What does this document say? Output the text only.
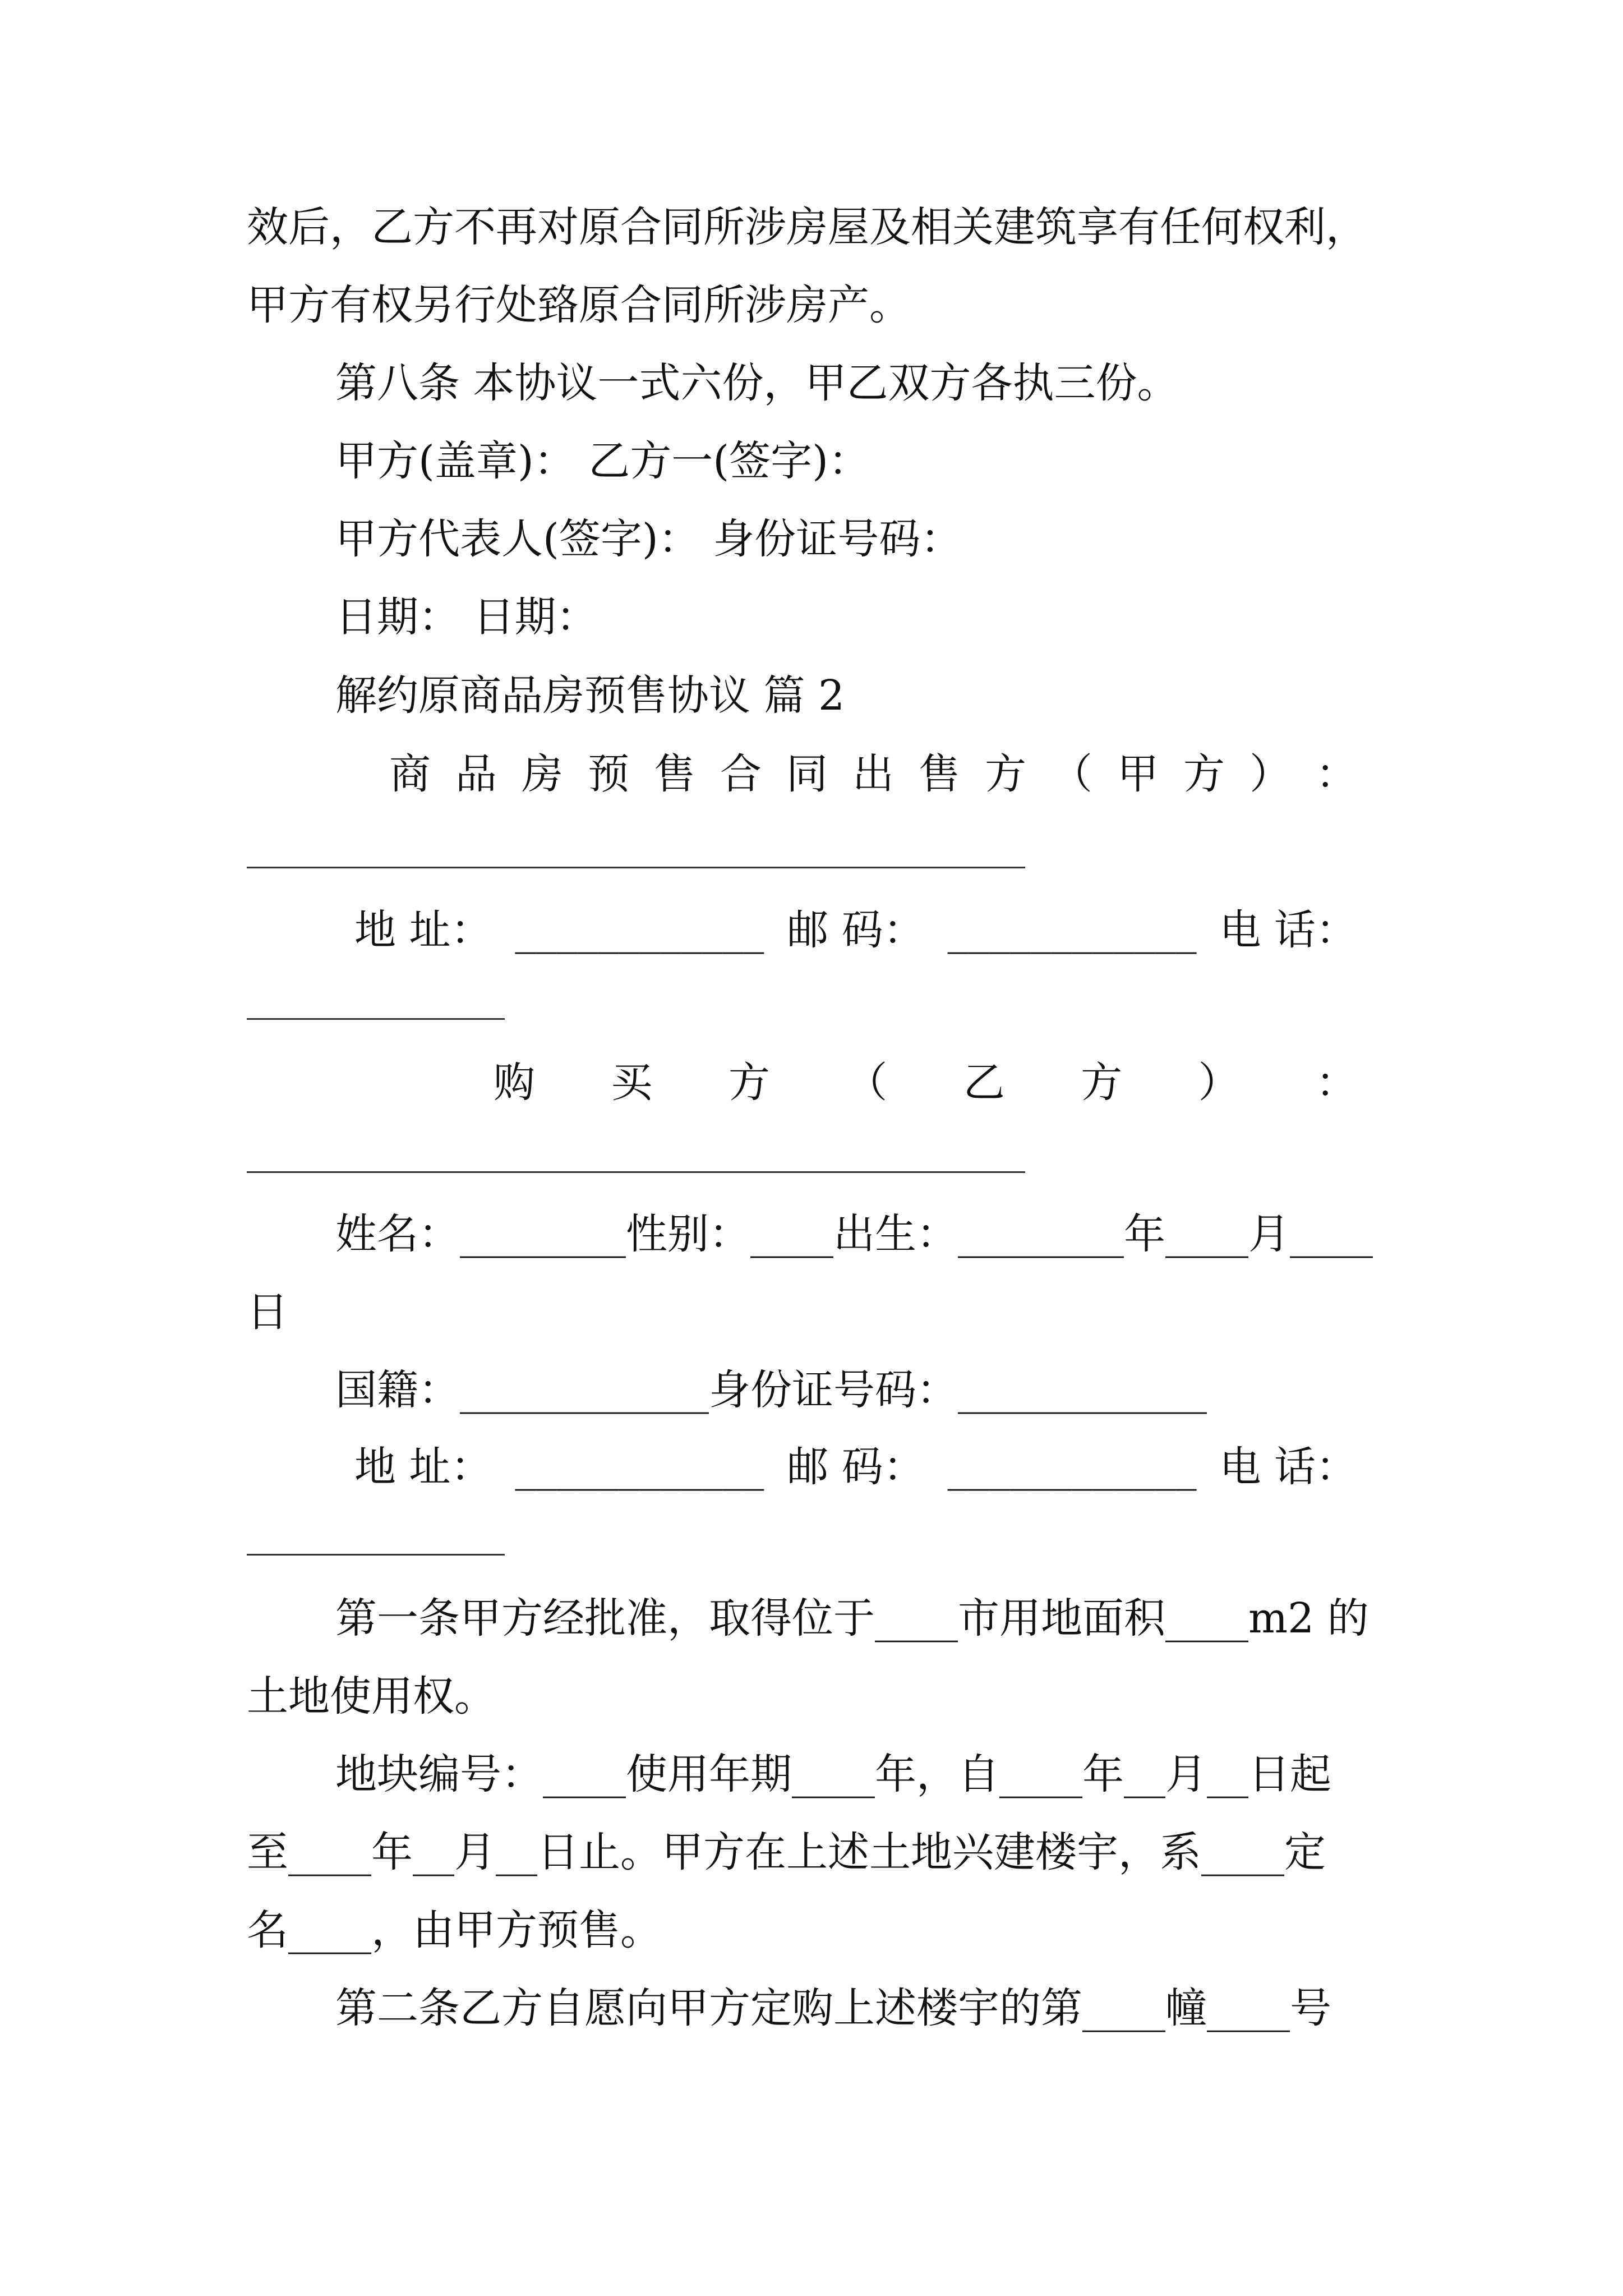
效后，乙方不再对原合同所涉房屋及相关建筑享有任何权利，
甲方有权另行处臵原合同所涉房产。
第八条 本协议一式六份，甲乙双方各执三份。
甲方(盖章)： 乙方一(签字)：
甲方代表人(签字)： 身份证号码：
日期： 日期：
解约原商品房预售协议 篇 2
商 品 房 预 售 合 同 出 售 方 （ 甲 方 ） ：
地 址： ____________ 邮 码： ____________ 电 话：
购 买 方 （ 乙 方 ） ：
姓名：________性别：____出生：________年____月____
日
国籍：____________身份证号码：____________
地 址： ____________ 邮 码： ____________ 电 话：
第一条甲方经批准，取得位于____市用地面积____m2 的
土地使用权。
地块编号：____使用年期____年，自____年__月__日起
至____年__月__日止。甲方在上述土地兴建楼宇，系____定
名____，由甲方预售。
第二条乙方自愿向甲方定购上述楼宇的第____幢____号
